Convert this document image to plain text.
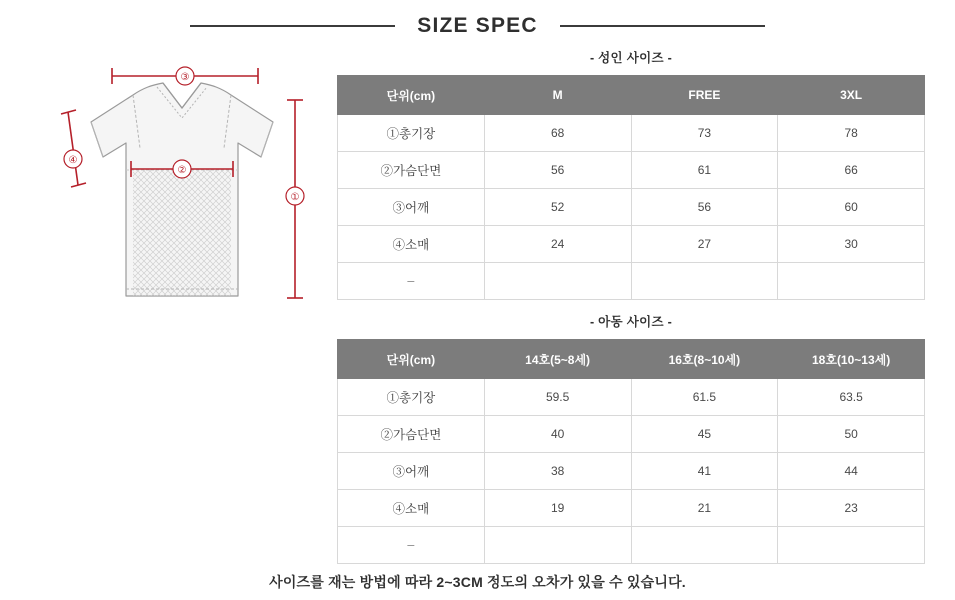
SIZE SPEC
③
②
①
④
- 성인 사이즈 -
단위(cm)	M	FREE	3XL
①총기장	68	73	78
②가슴단면	56	61	66
③어깨	52	56	60
④소매	24	27	30
–			
- 아동 사이즈 -
단위(cm)	14호(5~8세)	16호(8~10세)	18호(10~13세)
①총기장	59.5	61.5	63.5
②가슴단면	40	45	50
③어깨	38	41	44
④소매	19	21	23
–			
사이즈를 재는 방법에 따라 2~3CM 정도의 오차가 있을 수 있습니다.
